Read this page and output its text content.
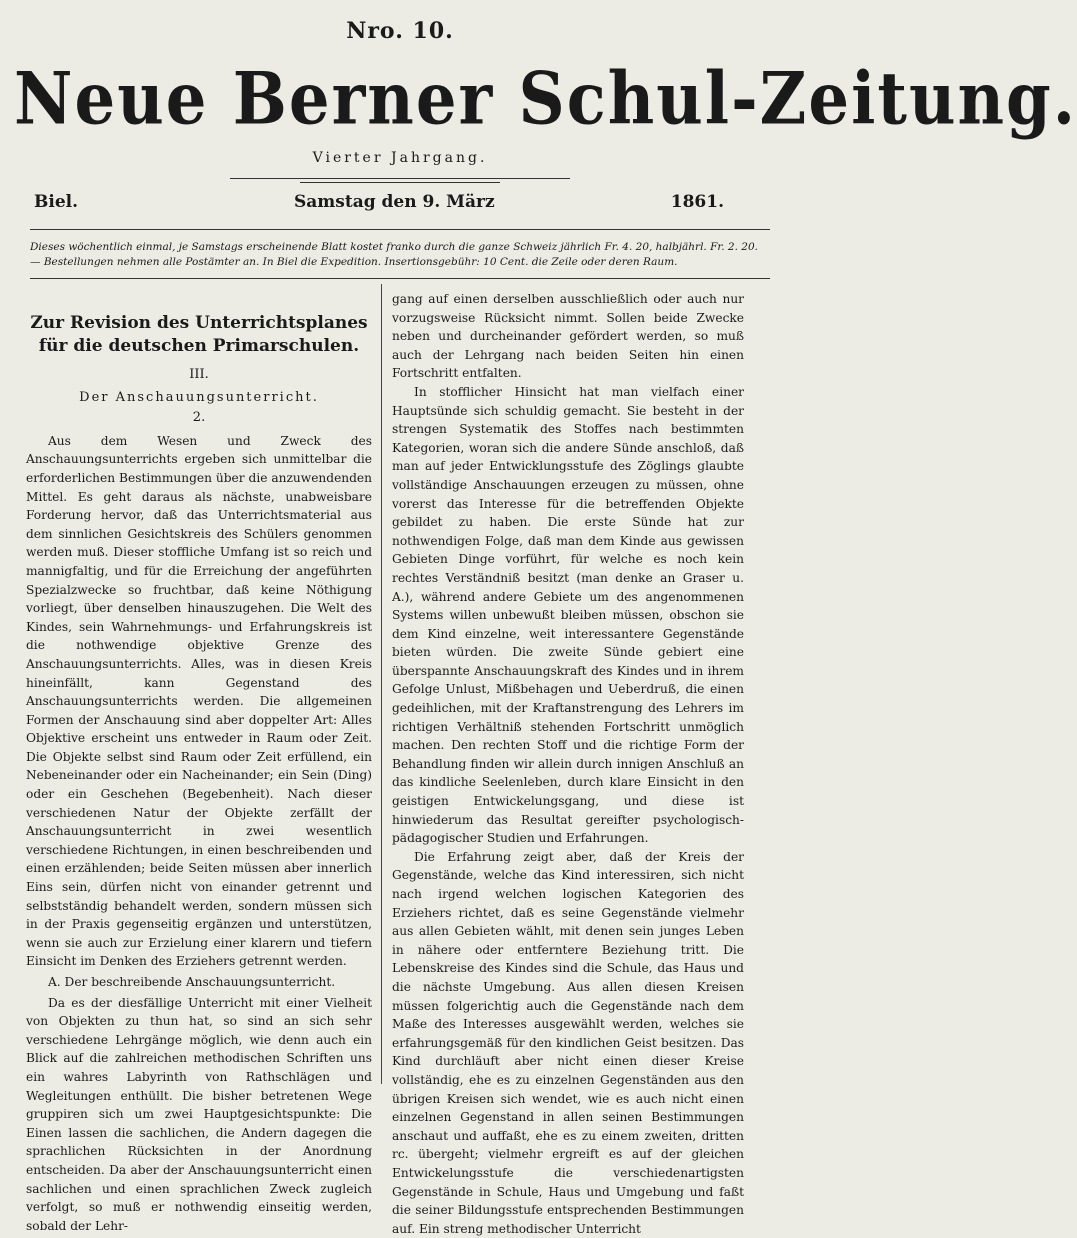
Nro. 10.
Neue Berner Schul-Zeitung.
Vierter Jahrgang.
Biel.	Samstag den 9. März	1861.
Dieses wöchentlich einmal, je Samstags erscheinende Blatt kostet franko durch die ganze Schweiz jährlich Fr. 4. 20, halbjährl. Fr. 2. 20. — Bestellungen nehmen alle Postämter an. In Biel die Expedition. Insertionsgebühr: 10 Cent. die Zeile oder deren Raum.
Zur Revision des Unterrichtsplanes für die deutschen Primarschulen.
III.
Der Anschauungsunterricht.
2.

Aus dem Wesen und Zweck des Anschauungsunterrichts ergeben sich unmittelbar die erforderlichen Bestimmungen über die anzuwendenden Mittel. Es geht daraus als nächste, unabweisbare Forderung hervor, daß das Unterrichtsmaterial aus dem sinnlichen Gesichtskreis des Schülers genommen werden muß. Dieser stoffliche Umfang ist so reich und mannigfaltig, und für die Erreichung der angeführten Spezialzwecke so fruchtbar, daß keine Nöthigung vorliegt, über denselben hinauszugehen. Die Welt des Kindes, sein Wahrnehmungs- und Erfahrungskreis ist die nothwendige objektive Grenze des Anschauungsunterrichts. Alles, was in diesen Kreis hineinfällt, kann Gegenstand des Anschauungsunterrichts werden. Die allgemeinen Formen der Anschauung sind aber doppelter Art: Alles Objektive erscheint uns entweder in Raum oder Zeit. Die Objekte selbst sind Raum oder Zeit erfüllend, ein Nebeneinander oder ein Nacheinander; ein Sein (Ding) oder ein Geschehen (Begebenheit). Nach dieser verschiedenen Natur der Objekte zerfällt der Anschauungsunterricht in zwei wesentlich verschiedene Richtungen, in einen beschreibenden und einen erzählenden; beide Seiten müssen aber innerlich Eins sein, dürfen nicht von einander getrennt und selbstständig behandelt werden, sondern müssen sich in der Praxis gegenseitig ergänzen und unterstützen, wenn sie auch zur Erzielung einer klarern und tiefern Einsicht im Denken des Erziehers getrennt werden.

A. Der beschreibende Anschauungsunterricht.

Da es der diesfällige Unterricht mit einer Vielheit von Objekten zu thun hat, so sind an sich sehr verschiedene Lehrgänge möglich, wie denn auch ein Blick auf die zahlreichen methodischen Schriften uns ein wahres Labyrinth von Rathschlägen und Wegleitungen enthüllt. Die bisher betretenen Wege gruppiren sich um zwei Hauptgesichtspunkte: Die Einen lassen die sachlichen, die Andern dagegen die sprachlichen Rücksichten in der Anordnung entscheiden. Da aber der Anschauungsunterricht einen sachlichen und einen sprachlichen Zweck zugleich verfolgt, so muß er nothwendig einseitig werden, sobald der Lehr-

gang auf einen derselben ausschließlich oder auch nur vorzugsweise Rücksicht nimmt. Sollen beide Zwecke neben und durcheinander gefördert werden, so muß auch der Lehrgang nach beiden Seiten hin einen Fortschritt entfalten.

In stofflicher Hinsicht hat man vielfach einer Hauptsünde sich schuldig gemacht. Sie besteht in der strengen Systematik des Stoffes nach bestimmten Kategorien, woran sich die andere Sünde anschloß, daß man auf jeder Entwicklungsstufe des Zöglings glaubte vollständige Anschauungen erzeugen zu müssen, ohne vorerst das Interesse für die betreffenden Objekte gebildet zu haben. Die erste Sünde hat zur nothwendigen Folge, daß man dem Kinde aus gewissen Gebieten Dinge vorführt, für welche es noch kein rechtes Verständniß besitzt (man denke an Graser u. A.), während andere Gebiete um des angenommenen Systems willen unbewußt bleiben müssen, obschon sie dem Kind einzelne, weit interessantere Gegenstände bieten würden. Die zweite Sünde gebiert eine überspannte Anschauungskraft des Kindes und in ihrem Gefolge Unlust, Mißbehagen und Ueberdruß, die einen gedeihlichen, mit der Kraftanstrengung des Lehrers im richtigen Verhältniß stehenden Fortschritt unmöglich machen. Den rechten Stoff und die richtige Form der Behandlung finden wir allein durch innigen Anschluß an das kindliche Seelenleben, durch klare Einsicht in den geistigen Entwickelungsgang, und diese ist hinwiederum das Resultat gereifter psychologisch-pädagogischer Studien und Erfahrungen.

Die Erfahrung zeigt aber, daß der Kreis der Gegenstände, welche das Kind interessiren, sich nicht nach irgend welchen logischen Kategorien des Erziehers richtet, daß es seine Gegenstände vielmehr aus allen Gebieten wählt, mit denen sein junges Leben in nähere oder entferntere Beziehung tritt. Die Lebenskreise des Kindes sind die Schule, das Haus und die nächste Umgebung. Aus allen diesen Kreisen müssen folgerichtig auch die Gegenstände nach dem Maße des Interesses ausgewählt werden, welches sie erfahrungsgemäß für den kindlichen Geist besitzen. Das Kind durchläuft aber nicht einen dieser Kreise vollständig, ehe es zu einzelnen Gegenständen aus den übrigen Kreisen sich wendet, wie es auch nicht einen einzelnen Gegenstand in allen seinen Bestimmungen anschaut und auffaßt, ehe es zu einem zweiten, dritten rc. übergeht; vielmehr ergreift es auf der gleichen Entwickelungsstufe die verschiedenartigsten Gegenstände in Schule, Haus und Umgebung und faßt die seiner Bildungsstufe entsprechenden Bestimmungen auf. Ein streng methodischer Unterricht
